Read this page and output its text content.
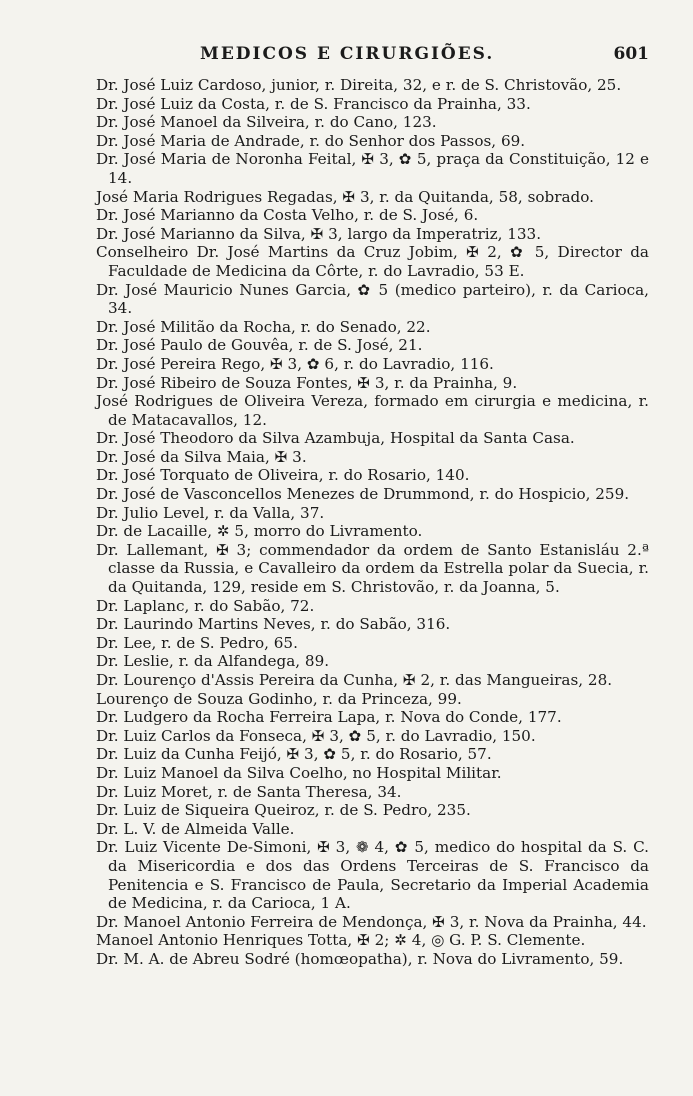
MEDICOS E CIRURGIÕES.	601

Dr. José Luiz Cardoso, junior, r. Direita, 32, e r. de S. Christovão, 25.

Dr. José Luiz da Costa, r. de S. Francisco da Prainha, 33.

Dr. José Manoel da Silveira, r. do Cano, 123.

Dr. José Maria de Andrade, r. do Senhor dos Passos, 69.

Dr. José Maria de Noronha Feital, ✠ 3, ✿ 5, praça da Constituição, 12 e 14.

José Maria Rodrigues Regadas, ✠ 3, r. da Quitanda, 58, sobrado.

Dr. José Marianno da Costa Velho, r. de S. José, 6.

Dr. José Marianno da Silva, ✠ 3, largo da Imperatriz, 133.

Conselheiro Dr. José Martins da Cruz Jobim, ✠ 2, ✿ 5, Director da Faculdade de Medicina da Côrte, r. do Lavradio, 53 E.

Dr. José Mauricio Nunes Garcia, ✿ 5 (medico parteiro), r. da Carioca, 34.

Dr. José Militão da Rocha, r. do Senado, 22.

Dr. José Paulo de Gouvêa, r. de S. José, 21.

Dr. José Pereira Rego, ✠ 3, ✿ 6, r. do Lavradio, 116.

Dr. José Ribeiro de Souza Fontes, ✠ 3, r. da Prainha, 9.

José Rodrigues de Oliveira Vereza, formado em cirurgia e medicina, r. de Matacavallos, 12.

Dr. José Theodoro da Silva Azambuja, Hospital da Santa Casa.

Dr. José da Silva Maia, ✠ 3.

Dr. José Torquato de Oliveira, r. do Rosario, 140.

Dr. José de Vasconcellos Menezes de Drummond, r. do Hospicio, 259.

Dr. Julio Level, r. da Valla, 37.

Dr. de Lacaille, ✲ 5, morro do Livramento.

Dr. Lallemant, ✠ 3; commendador da ordem de Santo Estanisláu 2.ª classe da Russia, e Cavalleiro da ordem da Estrella polar da Suecia, r. da Quitanda, 129, reside em S. Christovão, r. da Joanna, 5.

Dr. Laplanc, r. do Sabão, 72.

Dr. Laurindo Martins Neves, r. do Sabão, 316.

Dr. Lee, r. de S. Pedro, 65.

Dr. Leslie, r. da Alfandega, 89.

Dr. Lourenço d'Assis Pereira da Cunha, ✠ 2, r. das Mangueiras, 28.

Lourenço de Souza Godinho, r. da Princeza, 99.

Dr. Ludgero da Rocha Ferreira Lapa, r. Nova do Conde, 177.

Dr. Luiz Carlos da Fonseca, ✠ 3, ✿ 5, r. do Lavradio, 150.

Dr. Luiz da Cunha Feijó, ✠ 3, ✿ 5, r. do Rosario, 57.

Dr. Luiz Manoel da Silva Coelho, no Hospital Militar.

Dr. Luiz Moret, r. de Santa Theresa, 34.

Dr. Luiz de Siqueira Queiroz, r. de S. Pedro, 235.

Dr. L. V. de Almeida Valle.

Dr. Luiz Vicente De-Simoni, ✠ 3, ❁ 4, ✿ 5, medico do hospital da S. C. da Misericordia e dos das Ordens Terceiras de S. Francisco da Penitencia e S. Francisco de Paula, Secretario da Imperial Academia de Medicina, r. da Carioca, 1 A.

Dr. Manoel Antonio Ferreira de Mendonça, ✠ 3, r. Nova da Prainha, 44.

Manoel Antonio Henriques Totta, ✠ 2; ✲ 4, ◎ G. P. S. Clemente.

Dr. M. A. de Abreu Sodré (homœopatha), r. Nova do Livramento, 59.
